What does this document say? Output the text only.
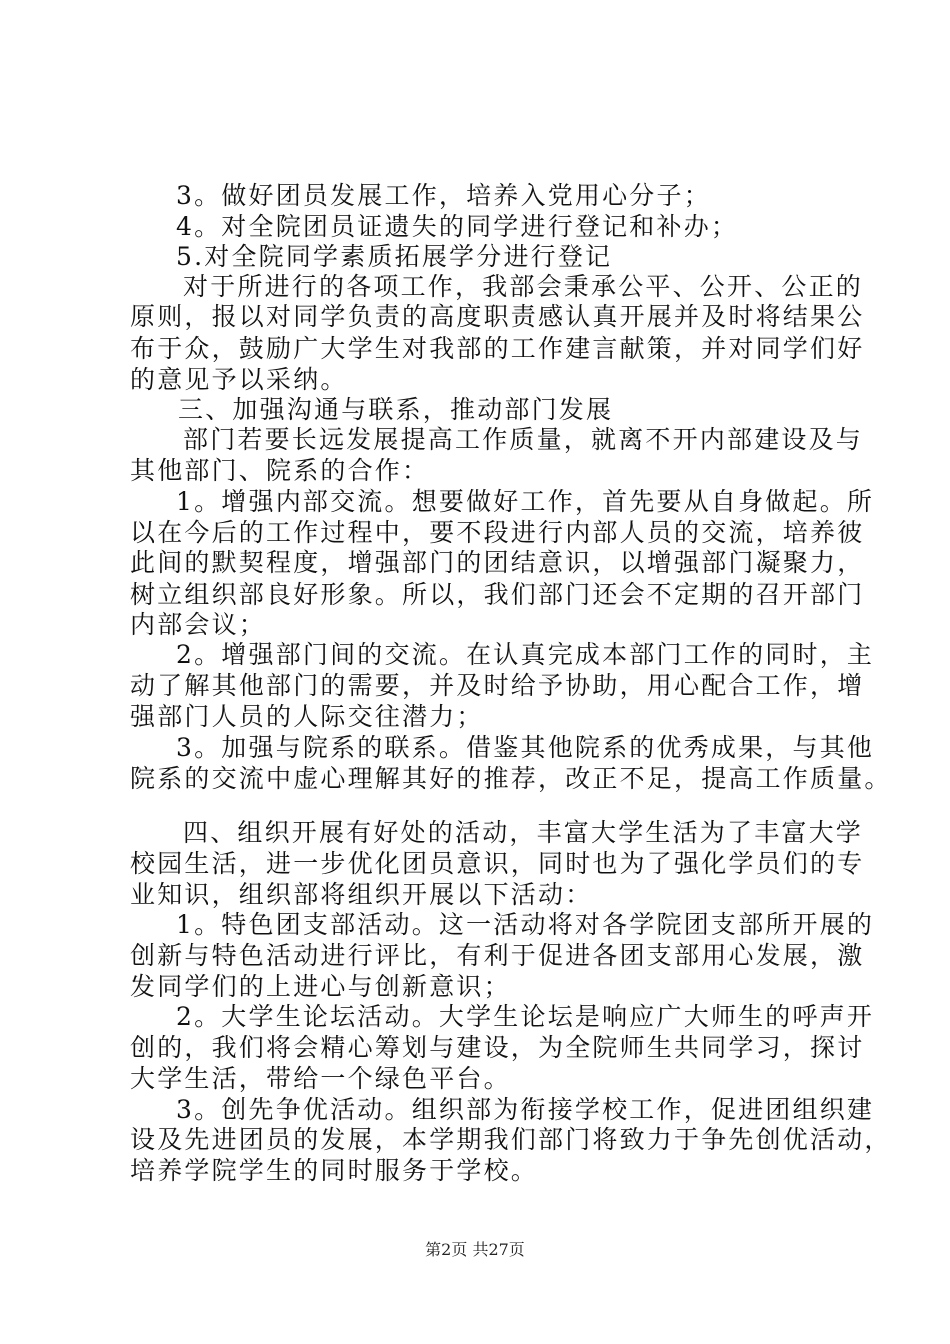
3。做好团员发展工作，培养入党用心分子；
4。对全院团员证遗失的同学进行登记和补办；
5.对全院同学素质拓展学分进行登记
对于所进行的各项工作，我部会秉承公平、公开、公正的
原则，报以对同学负责的高度职责感认真开展并及时将结果公
布于众，鼓励广大学生对我部的工作建言献策，并对同学们好
的意见予以采纳。
三、加强沟通与联系，推动部门发展
部门若要长远发展提高工作质量，就离不开内部建设及与
其他部门、院系的合作：
1。增强内部交流。想要做好工作，首先要从自身做起。所
以在今后的工作过程中，要不段进行内部人员的交流，培养彼
此间的默契程度，增强部门的团结意识，以增强部门凝聚力，
树立组织部良好形象。所以，我们部门还会不定期的召开部门
内部会议；
2。增强部门间的交流。在认真完成本部门工作的同时，主
动了解其他部门的需要，并及时给予协助，用心配合工作，增
强部门人员的人际交往潜力；
3。加强与院系的联系。借鉴其他院系的优秀成果，与其他
院系的交流中虚心理解其好的推荐，改正不足，提高工作质量。
四、组织开展有好处的活动，丰富大学生活为了丰富大学
校园生活，进一步优化团员意识，同时也为了强化学员们的专
业知识，组织部将组织开展以下活动：
1。特色团支部活动。这一活动将对各学院团支部所开展的
创新与特色活动进行评比，有利于促进各团支部用心发展，激
发同学们的上进心与创新意识；
2。大学生论坛活动。大学生论坛是响应广大师生的呼声开
创的，我们将会精心筹划与建设，为全院师生共同学习，探讨
大学生活，带给一个绿色平台。
3。创先争优活动。组织部为衔接学校工作，促进团组织建
设及先进团员的发展，本学期我们部门将致力于争先创优活动，
培养学院学生的同时服务于学校。
第2页 共27页
